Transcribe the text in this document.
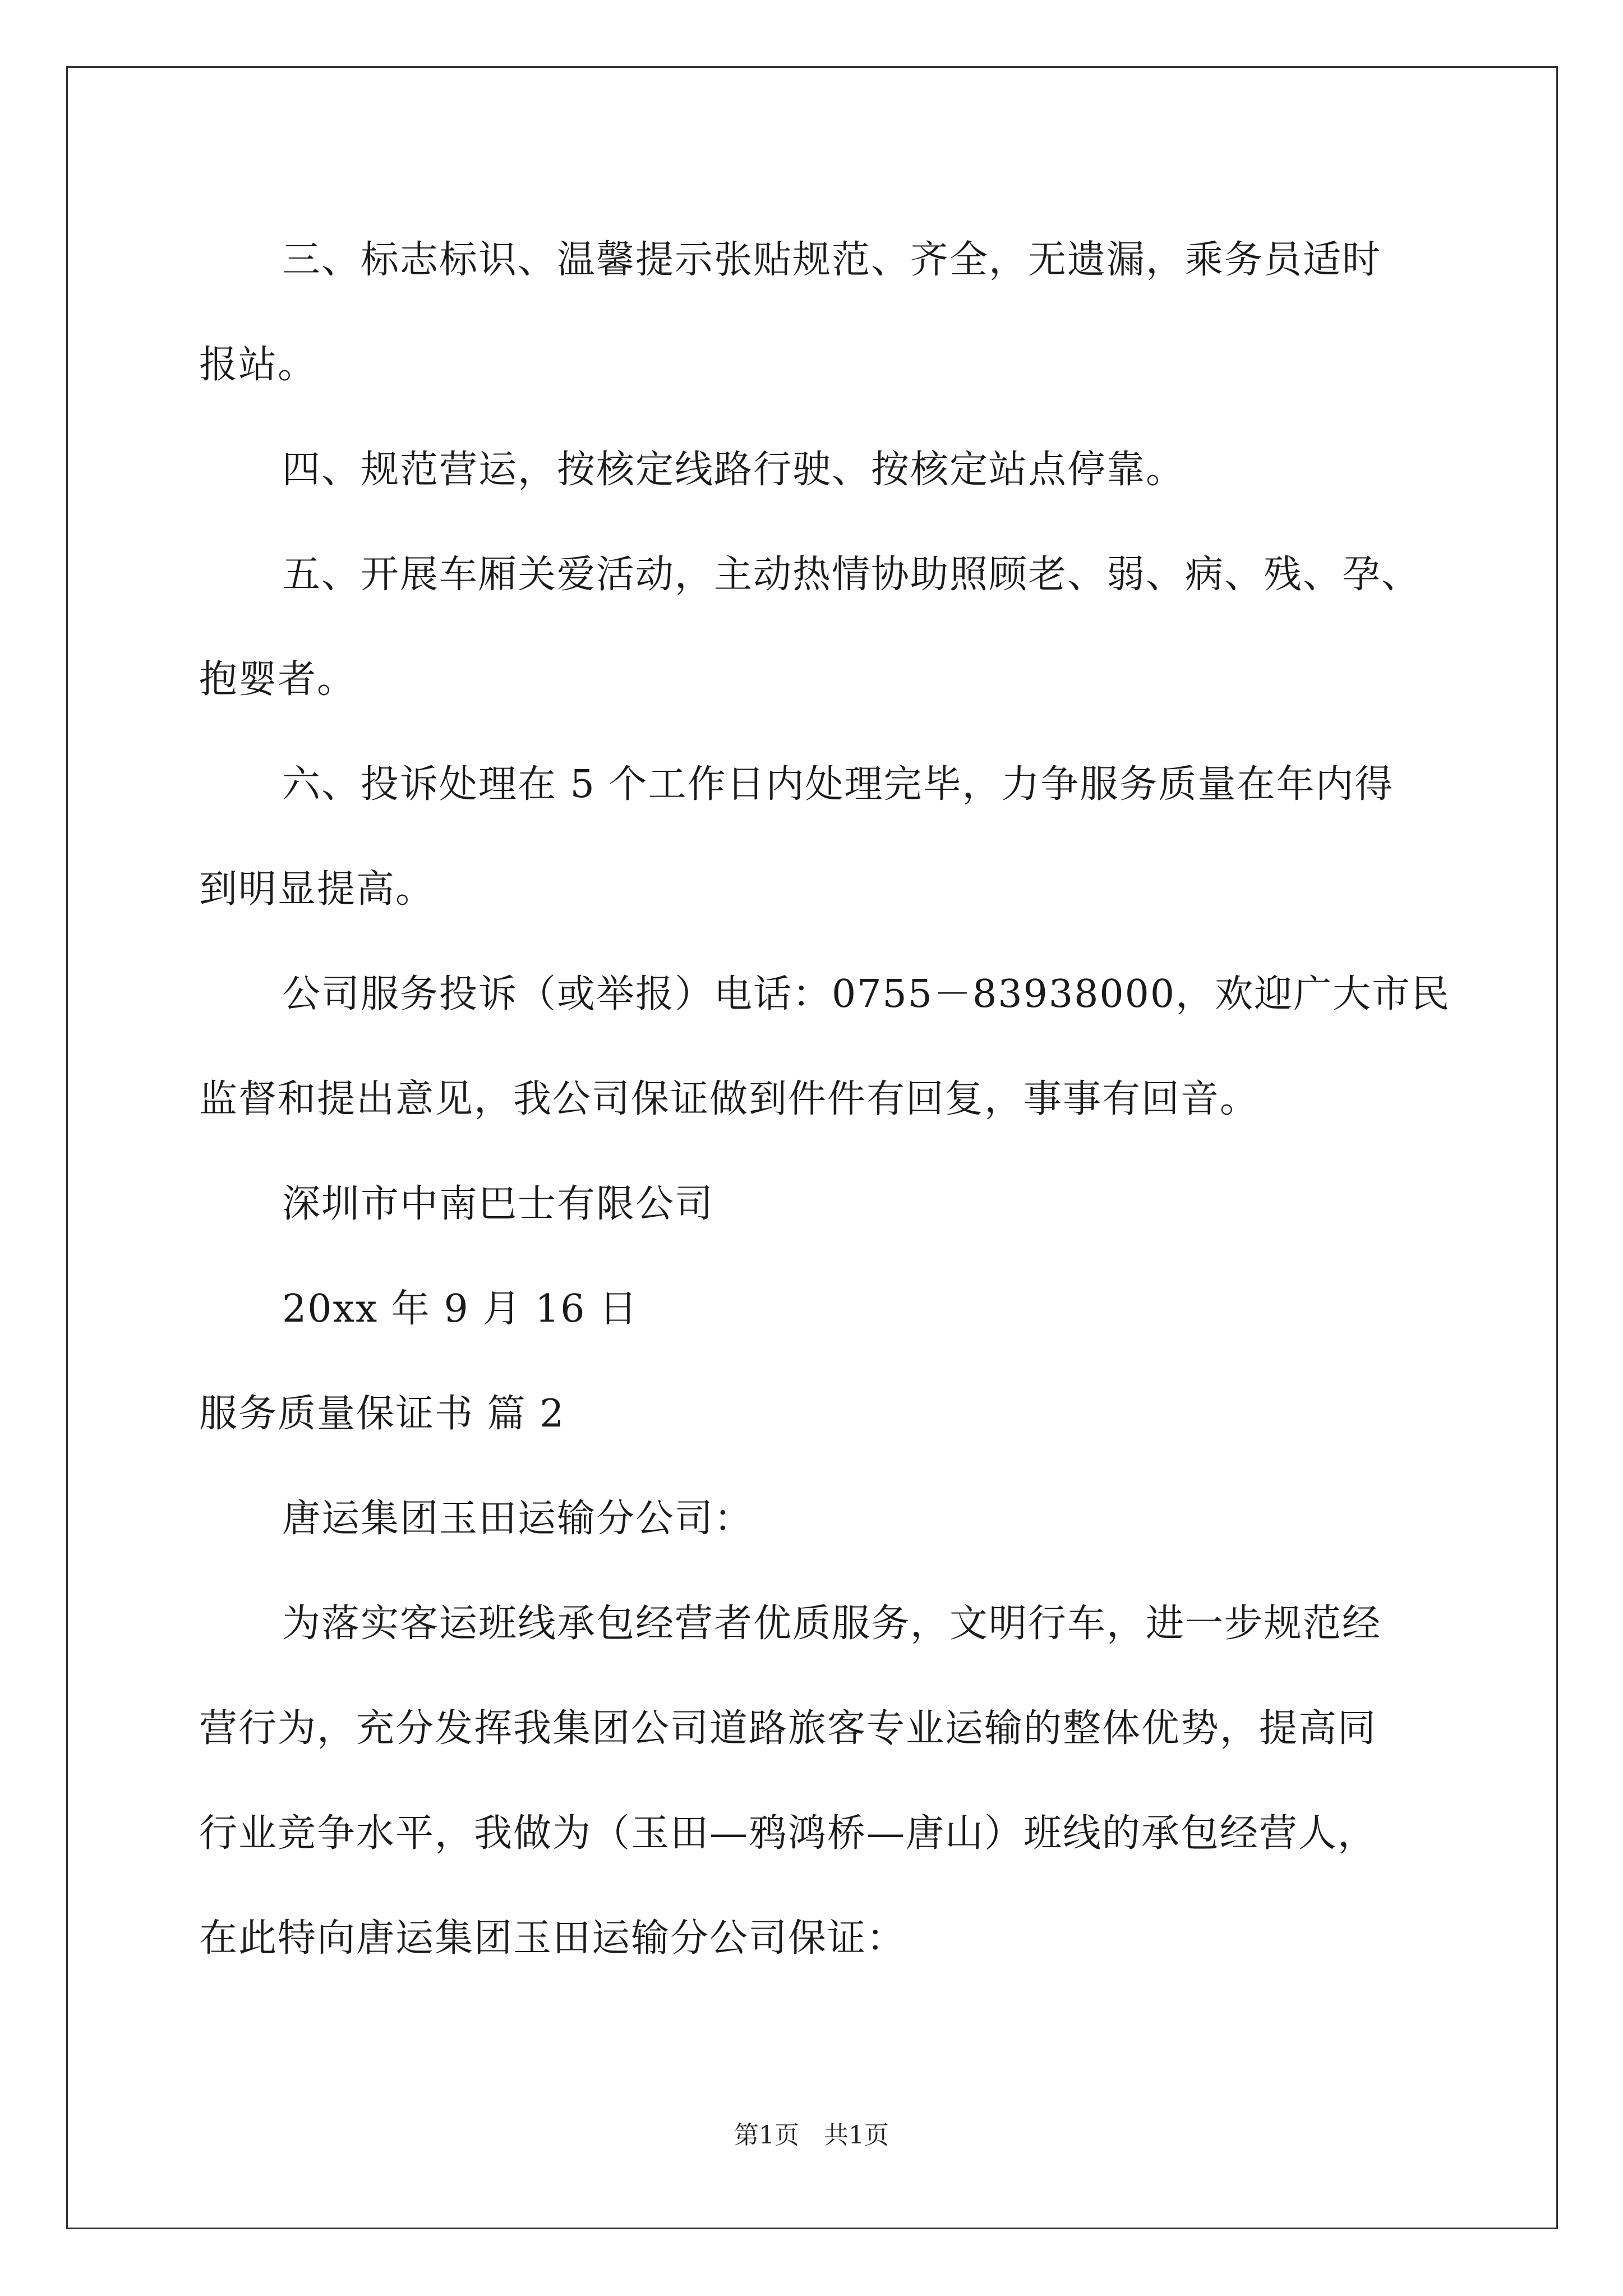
三、标志标识、温馨提示张贴规范、齐全，无遗漏，乘务员适时
报站。

四、规范营运，按核定线路行驶、按核定站点停靠。

五、开展车厢关爱活动，主动热情协助照顾老、弱、病、残、孕、
抱婴者。

六、投诉处理在 5 个工作日内处理完毕，力争服务质量在年内得
到明显提高。

公司服务投诉（或举报）电话：0755－83938000，欢迎广大市民
监督和提出意见，我公司保证做到件件有回复，事事有回音。

深圳市中南巴士有限公司

20xx 年 9 月 16 日

服务质量保证书 篇 2

唐运集团玉田运输分公司：

为落实客运班线承包经营者优质服务，文明行车，进一步规范经
营行为，充分发挥我集团公司道路旅客专业运输的整体优势，提高同
行业竞争水平，我做为（玉田—鸦鸿桥—唐山）班线的承包经营人，
在此特向唐运集团玉田运输分公司保证：

第1页　共1页
